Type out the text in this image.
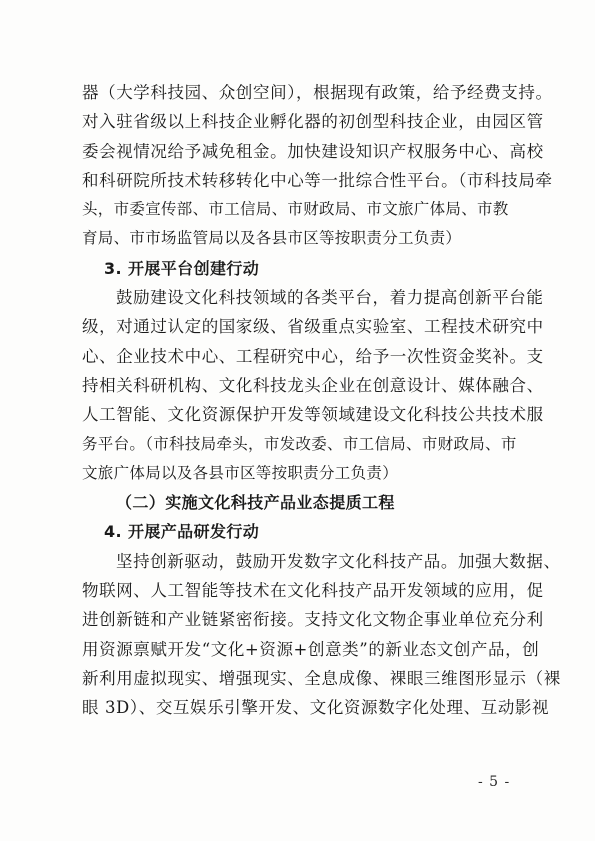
器（大学科技园、众创空间），根据现有政策，给予经费支持。
对入驻省级以上科技企业孵化器的初创型科技企业，由园区管
委会视情况给予减免租金。加快建设知识产权服务中心、高校
和科研院所技术转移转化中心等一批综合性平台。（市科技局牵
头，市委宣传部、市工信局、市财政局、市文旅广体局、市教
育局、市市场监管局以及各县市区等按职责分工负责）
3. 开展平台创建行动
鼓励建设文化科技领域的各类平台，着力提高创新平台能
级，对通过认定的国家级、省级重点实验室、工程技术研究中
心、企业技术中心、工程研究中心，给予一次性资金奖补。支
持相关科研机构、文化科技龙头企业在创意设计、媒体融合、
人工智能、文化资源保护开发等领域建设文化科技公共技术服
务平台。（市科技局牵头，市发改委、市工信局、市财政局、市
文旅广体局以及各县市区等按职责分工负责）
（二）实施文化科技产品业态提质工程
4. 开展产品研发行动
坚持创新驱动，鼓励开发数字文化科技产品。加强大数据、
物联网、人工智能等技术在文化科技产品开发领域的应用，促
进创新链和产业链紧密衔接。支持文化文物企事业单位充分利
用资源禀赋开发“文化+资源+创意类”的新业态文创产品，创
新利用虚拟现实、增强现实、全息成像、裸眼三维图形显示（裸
眼 3D）、交互娱乐引擎开发、文化资源数字化处理、互动影视
- 5 -
